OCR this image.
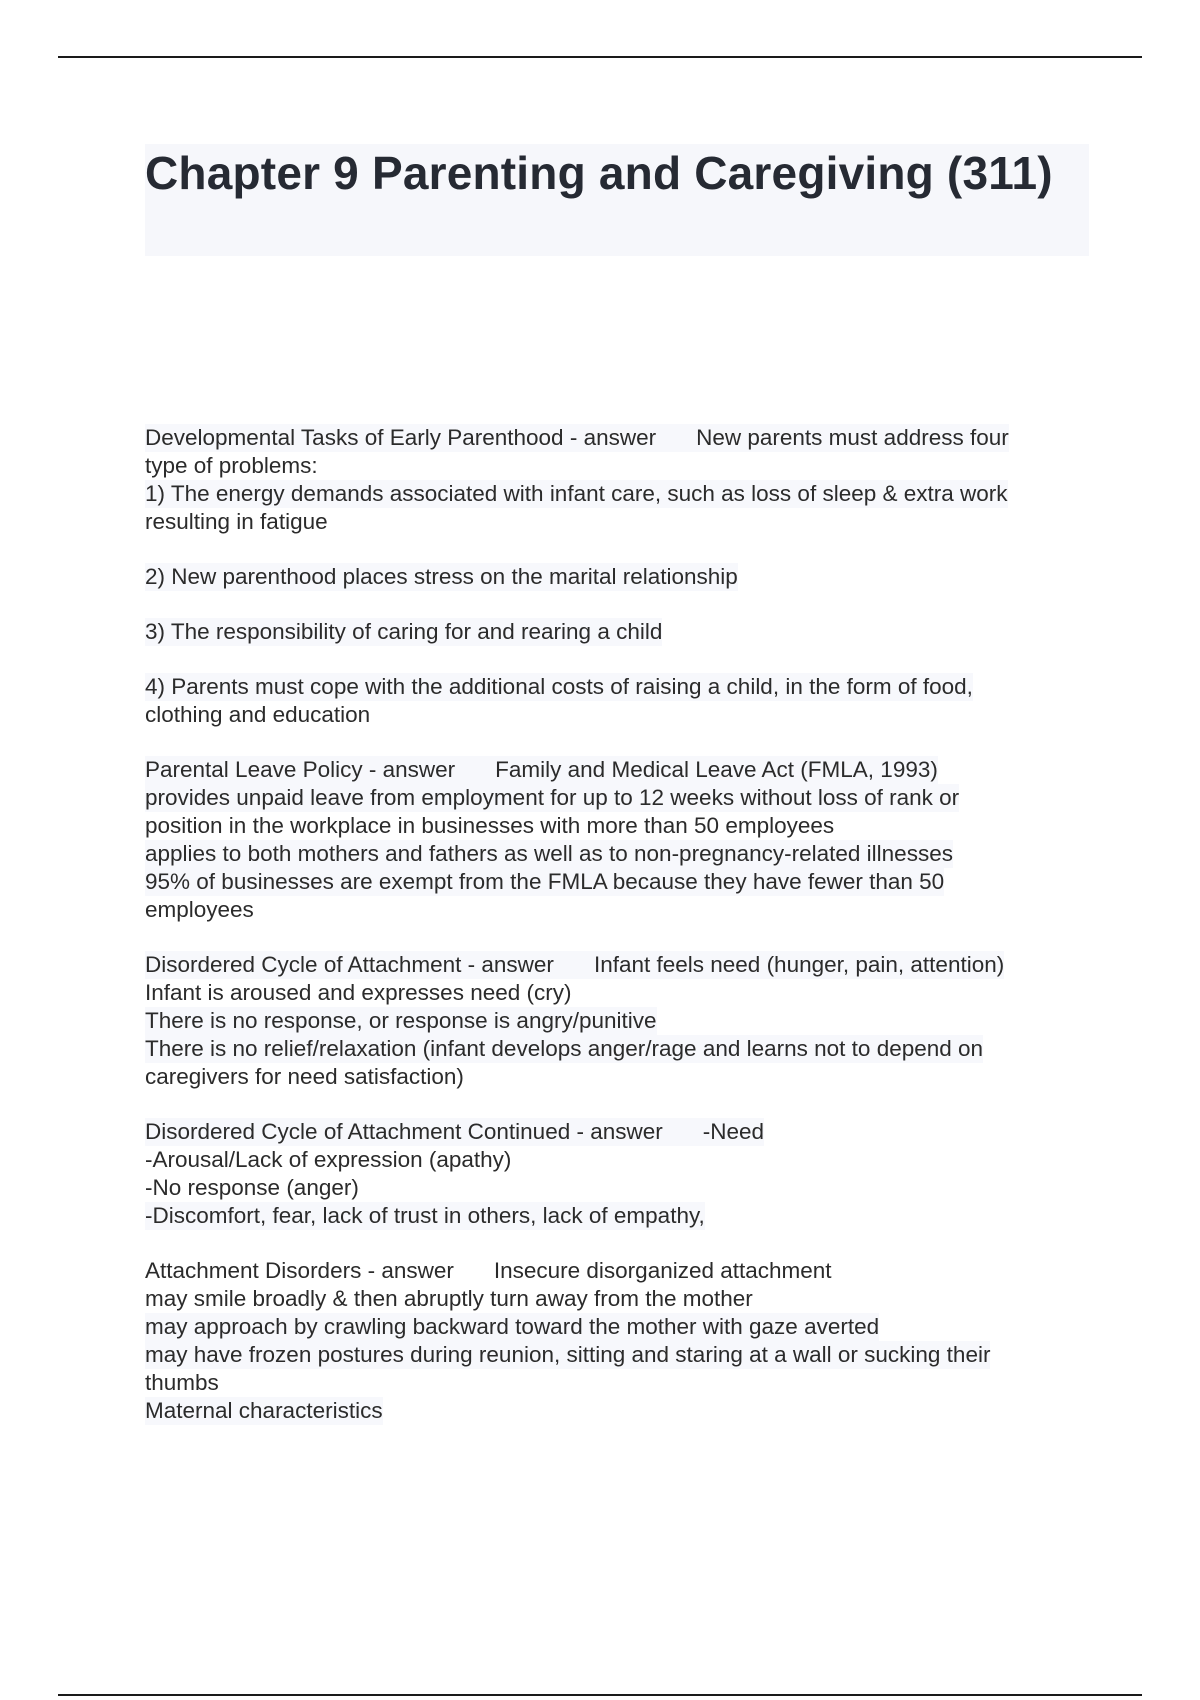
Chapter 9 Parenting and Caregiving (311)
Developmental Tasks of Early Parenthood - answer New parents must address four
type of problems:
1) The energy demands associated with infant care, such as loss of sleep & extra work
resulting in fatigue
2) New parenthood places stress on the marital relationship
3) The responsibility of caring for and rearing a child
4) Parents must cope with the additional costs of raising a child, in the form of food,
clothing and education
Parental Leave Policy - answer Family and Medical Leave Act (FMLA, 1993) provides unpaid leave from employment for up to 12 weeks without loss of rank or
position in the workplace in businesses with more than 50 employees
applies to both mothers and fathers as well as to non-pregnancy-related illnesses 95% of businesses are exempt from the FMLA because they have fewer than 50
employees
Disordered Cycle of Attachment - answer Infant feels need (hunger, pain, attention)
Infant is aroused and expresses need (cry)
There is no response, or response is angry/punitive There is no relief/relaxation (infant develops anger/rage and learns not to depend on
caregivers for need satisfaction)
Disordered Cycle of Attachment Continued - answer -Need
-Arousal/Lack of expression (apathy)
-No response (anger)
-Discomfort, fear, lack of trust in others, lack of empathy,
Attachment Disorders - answer Insecure disorganized attachment
may smile broadly & then abruptly turn away from the mother
may approach by crawling backward toward the mother with gaze averted may have frozen postures during reunion, sitting and staring at a wall or sucking their
thumbs
Maternal characteristics
